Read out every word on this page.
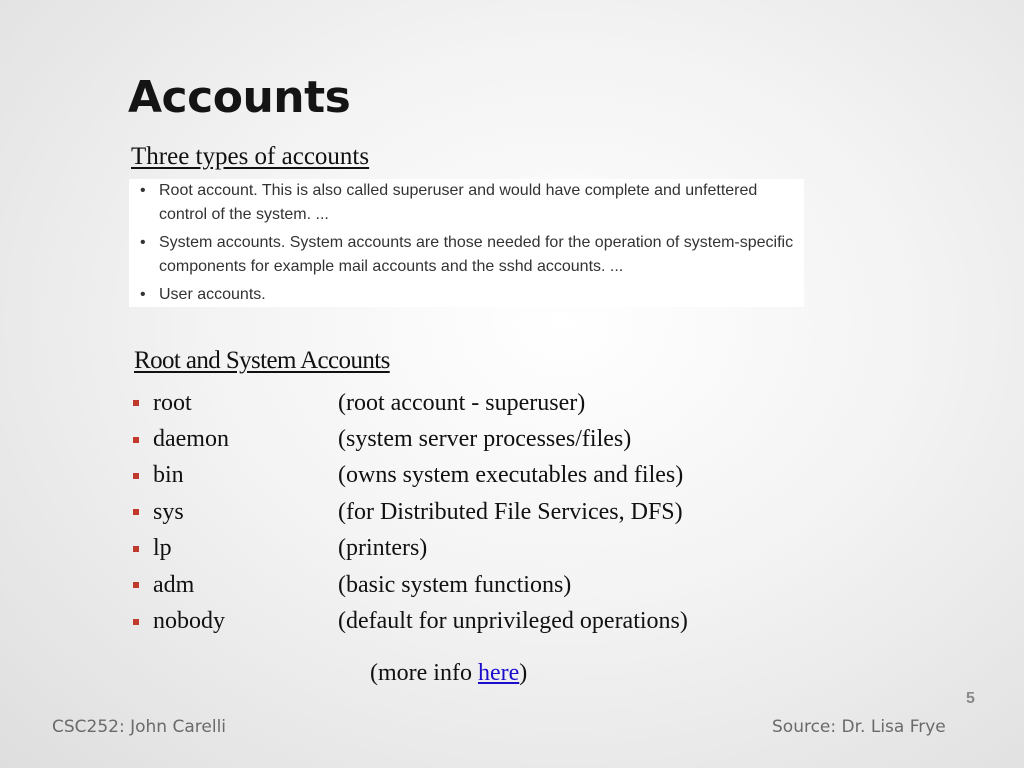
Accounts
Three types of accounts
• Root account. This is also called superuser and would have complete and unfettered control of the system. ...
• System accounts. System accounts are those needed for the operation of system-specific components for example mail accounts and the sshd accounts. ...
• User accounts.
Root and System Accounts
root	(root account - superuser)
daemon	(system server processes/files)
bin	(owns system executables and files)
sys	(for Distributed File Services, DFS)
lp	(printers)
adm	(basic system functions)
nobody	(default for unprivileged operations)
(more info here)
5
CSC252: John Carelli	Source: Dr. Lisa Frye
